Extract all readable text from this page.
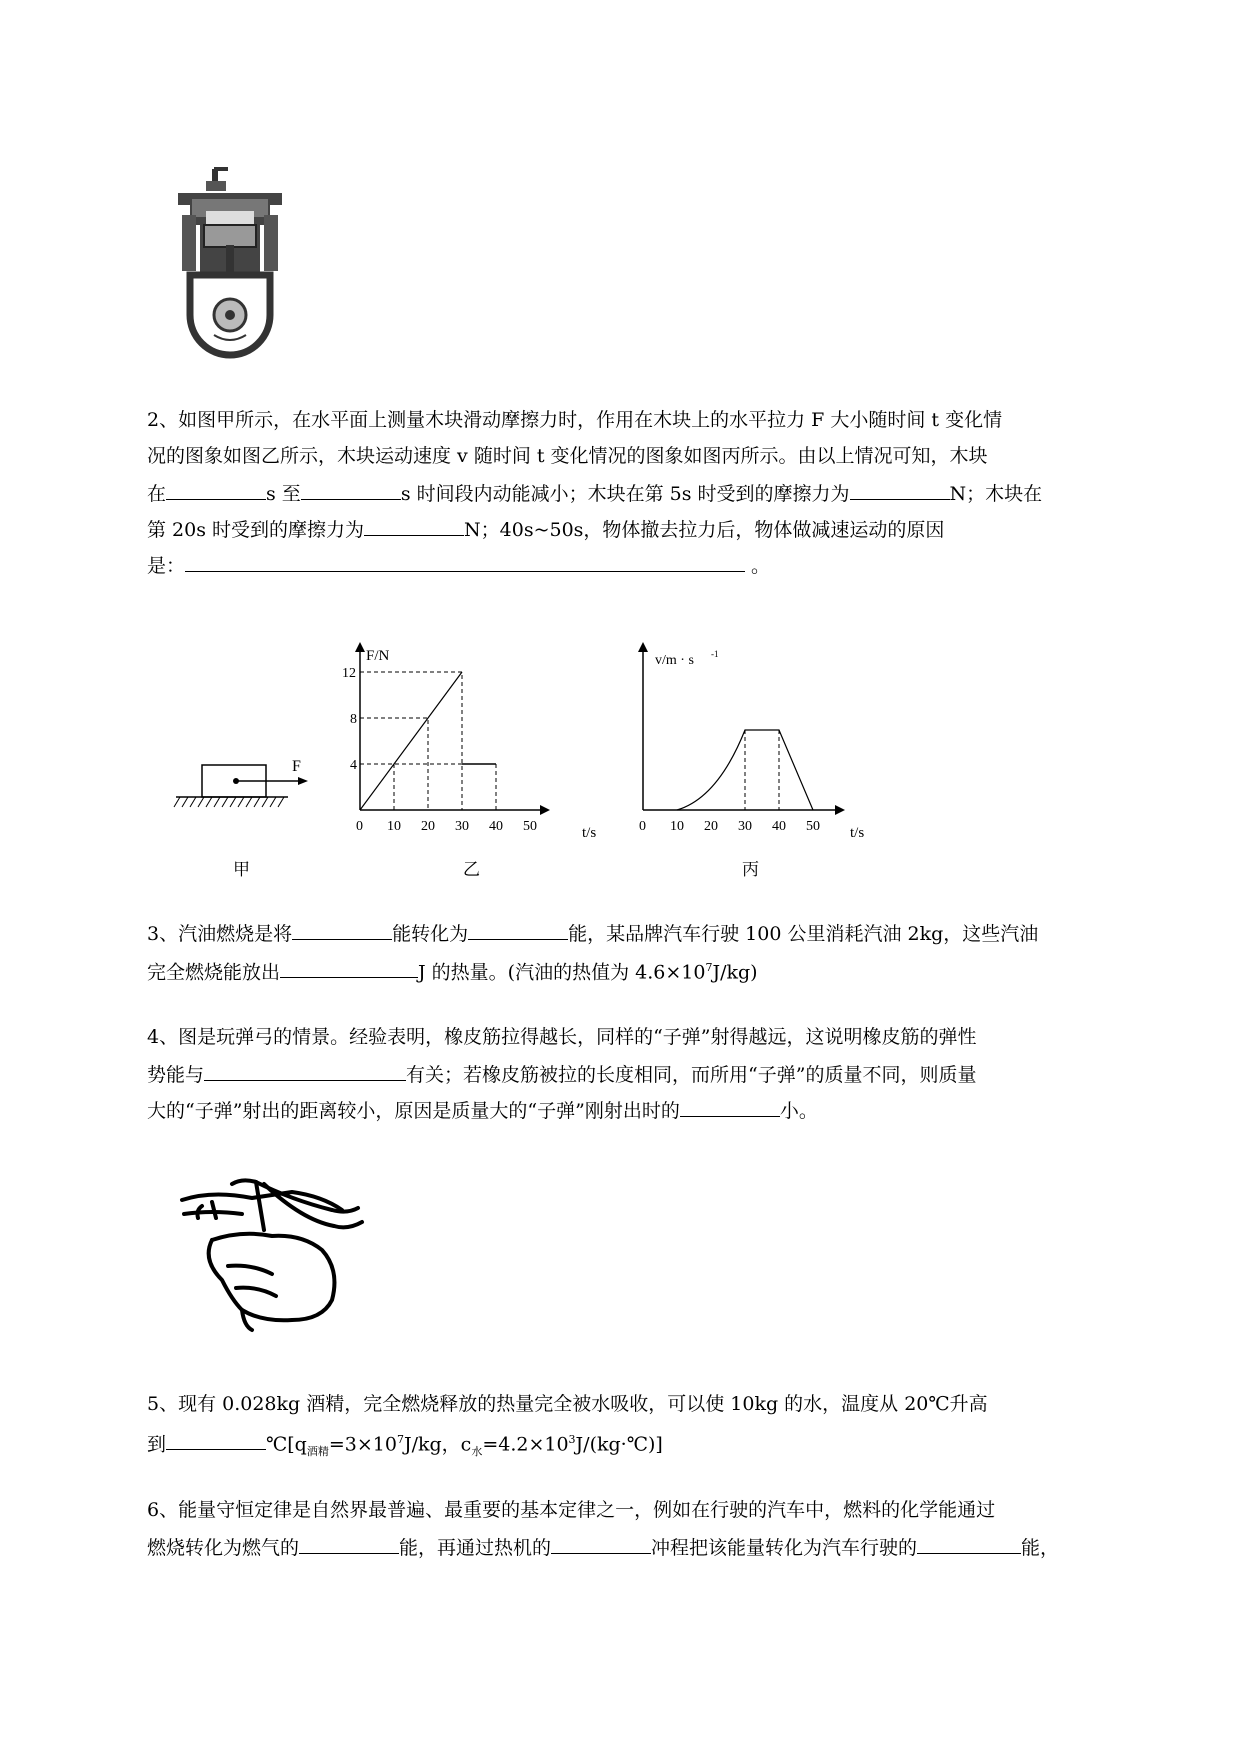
2、如图甲所示，在水平面上测量木块滑动摩擦力时，作用在木块上的水平拉力 F 大小随时间 t 变化情
况的图象如图乙所示，木块运动速度 v 随时间 t 变化情况的图象如图丙所示。由以上情况可知，木块
在	s 至	s 时间段内动能减小；木块在第 5s 时受到的摩擦力为	N；木块在
第 20s 时受到的摩擦力为	N；40s~50s，物体撤去拉力后，物体做减速运动的原因
是：	。
F
甲
F/N
t/s
0 10 20 30 40 50
12
8
4
乙
v/m · s -1
t/s
0 10 20 30 40 50
丙
3、汽油燃烧是将	能转化为	能，某品牌汽车行驶 100 公里消耗汽油 2kg，这些汽油
完全燃烧能放出	J 的热量。(汽油的热值为 $4.6\times 10^7J/kg$)
4、图是玩弹弓的情景。经验表明，橡皮筋拉得越长，同样的“子弹”射得越远，这说明橡皮筋的弹性
势能与	有关；若橡皮筋被拉的长度相同，而所用“子弹”的质量不同，则质量
大的“子弹”射出的距离较小，原因是质量大的“子弹”刚射出时的	小。
5、现有 0.028kg 酒精，完全燃烧释放的热量完全被水吸收，可以使 10kg 的水，温度从 20℃升高
到	$℃[q_{酒精}=3\times 10^7J/kg$，$c_水=4.2\times 10^3J/(kg\cdot℃)$]
6、能量守恒定律是自然界最普遍、最重要的基本定律之一，例如在行驶的汽车中，燃料的化学能通过
燃烧转化为燃气的	能，再通过热机的	冲程把该能量转化为汽车行驶的	能，
